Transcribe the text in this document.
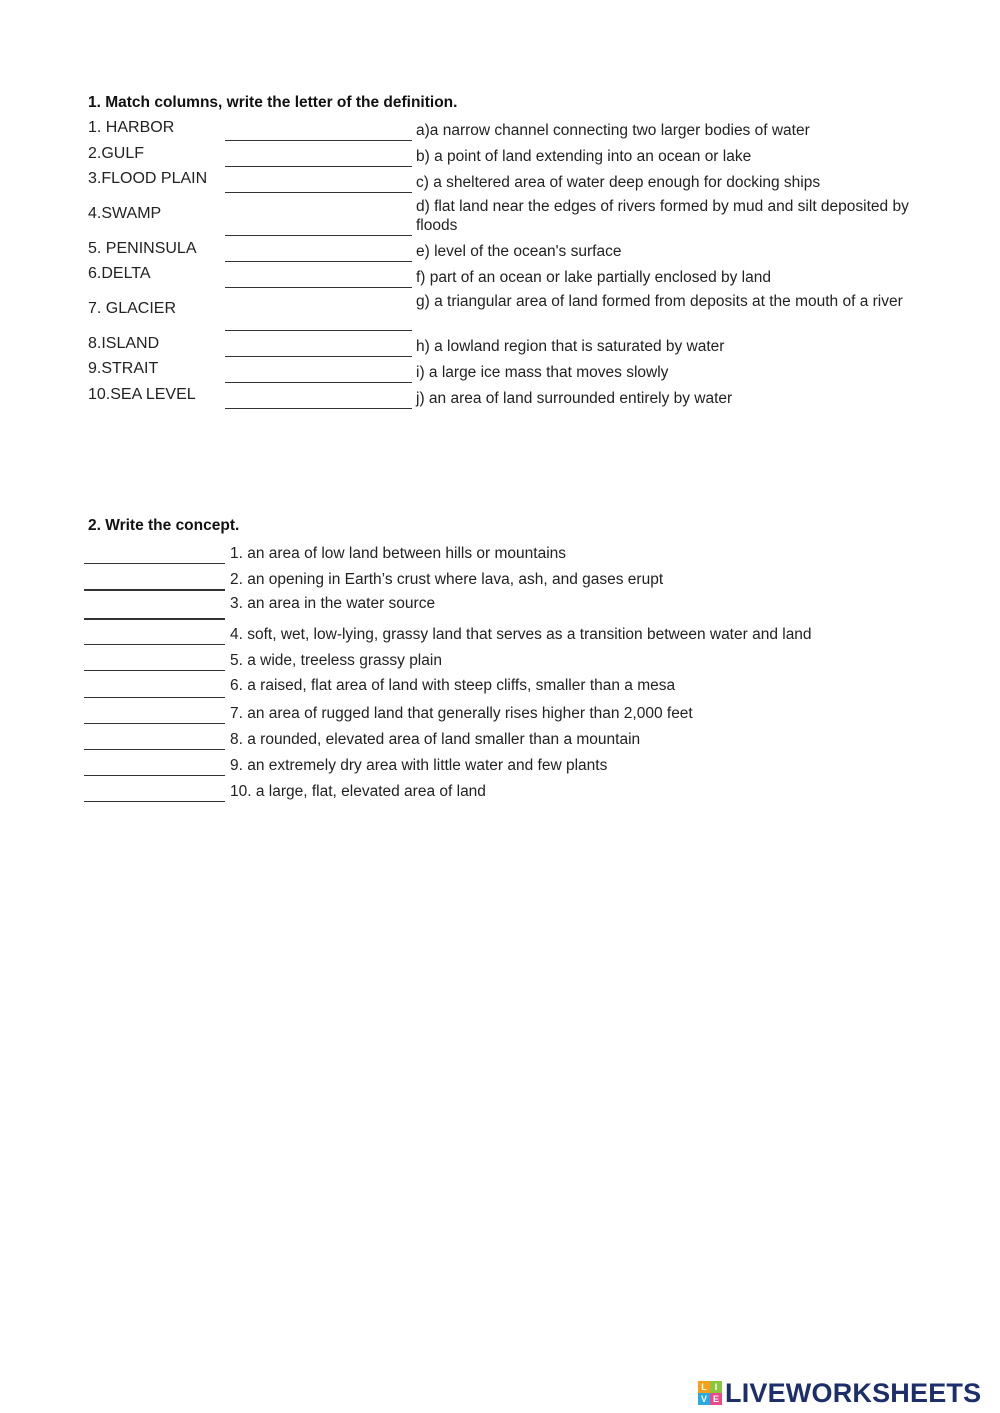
1. Match columns, write the letter of the definition.
1. HARBOR	a)a narrow channel connecting two larger bodies of water
2.GULF	b) a point of land extending into an ocean or lake
3.FLOOD PLAIN	c) a sheltered area of water deep enough for docking ships
4.SWAMP	d) flat land near the edges of rivers formed by mud and silt deposited by floods
5. PENINSULA	e) level of the ocean's surface
6.DELTA	f) part of an ocean or lake partially enclosed by land
7. GLACIER	g) a triangular area of land formed from deposits at the mouth of a river
8.ISLAND	h) a lowland region that is saturated by water
9.STRAIT	i) a large ice mass that moves slowly
10.SEA LEVEL	j) an area of land surrounded entirely by water
2. Write the concept.
1. an area of low land between hills or mountains
2. an opening in Earth’s crust where lava, ash, and gases erupt
3. an area in the water source
4. soft, wet, low-lying, grassy land that serves as a transition between water and land
5. a wide, treeless grassy plain
6. a raised, flat area of land with steep cliffs, smaller than a mesa
7. an area of rugged land that generally rises higher than 2,000 feet
8. a rounded, elevated area of land smaller than a mountain
9. an extremely dry area with little water and few plants
10. a large, flat, elevated area of land
L I
V E LIVEWORKSHEETS
